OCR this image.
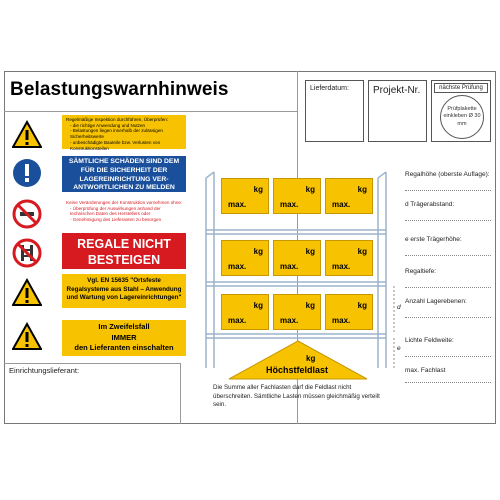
Belastungswarnhinweis	Lieferdatum: Projekt-Nr.	nächste Prüfung
Prüfplakette einkleben Ø 30 mm
Regelmäßige Inspektion durchführen, Überprüfen:
- die richtige Anwendung und Nutzen
- Belastungen liegen innerhalb der zulässigen Sicherheitswerte
- unbeschädigte Bauteile bzw. Verlusten von Konstruktionsteilen
SÄMTLICHE SCHÄDEN SIND DEM FÜR DIE SICHERHEIT DER LAGEREINRICHTUNG VER-ANTWORTLICHEN ZU MELDEN
Keine Veränderungen der Konstruktion vornehmen ohne:
- Überprüfung der Auswirkungen anhand der technischen Daten des Herstellers oder
- Genehmigung des Lieferanten zu besorgen
REGALE NICHT BESTEIGEN
Vgl. EN 15635 "Ortsfeste Regalsysteme aus Stahl – Anwendung und Wartung von Lagereinrichtungen"
Im Zweifelsfall
IMMER
den Lieferanten einschalten
Einrichtungslieferant:
d
e
kg
max.
kg
max.
kg
max.
kg
max.
kg
max.
kg
max.
kg
max.
kg
max.
kg
max.
kg
Höchstfeldlast
Regalhöhe (oberste Auflage):
d Trägerabstand:
e erste Trägerhöhe:
Regaltiefe:
Anzahl Lagerebenen:
Lichte Feldweite:
max. Fachlast
Die Summe aller Fachlasten darf die Feldlast nicht überschreiten. Sämtliche Lasten müssen gleichmäßig verteilt sein.
